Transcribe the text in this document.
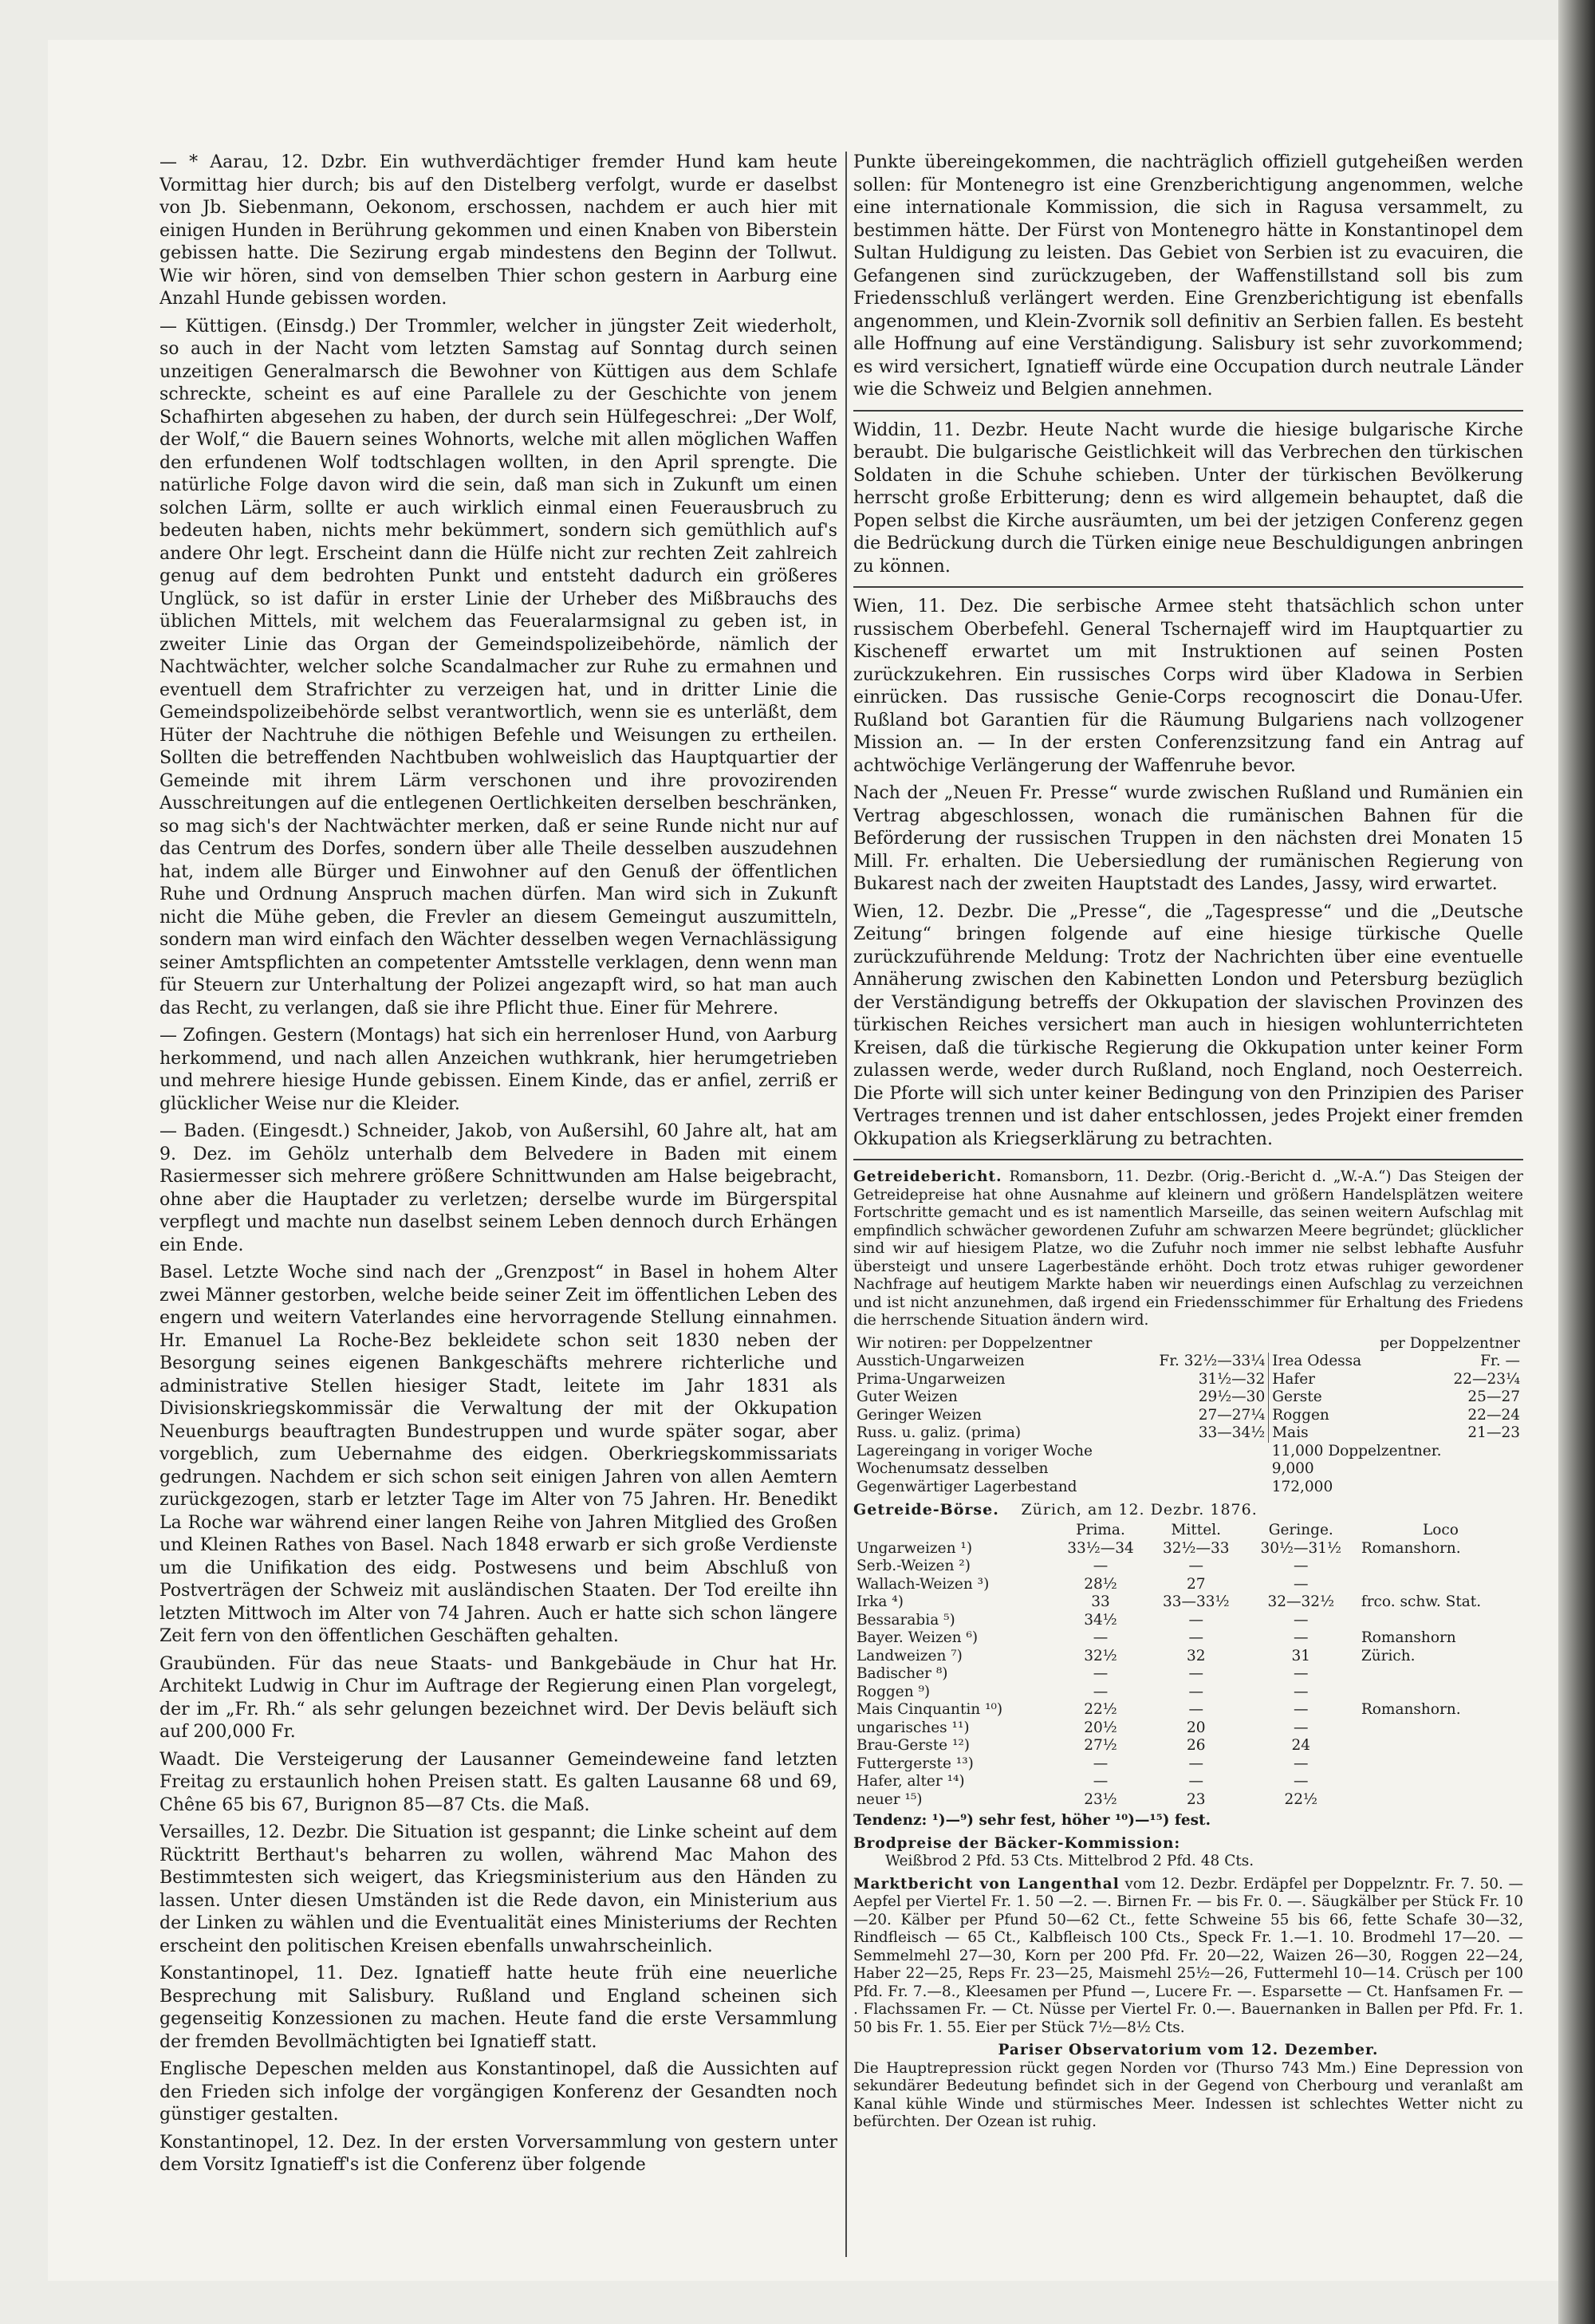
— * Aarau, 12. Dzbr. Ein wuthverdächtiger fremder Hund kam heute Vormittag hier durch; bis auf den Distelberg verfolgt, wurde er daselbst von Jb. Siebenmann, Oekonom, erschossen, nachdem er auch hier mit einigen Hunden in Berührung gekommen und einen Knaben von Biberstein gebissen hatte. Die Sezirung ergab mindestens den Beginn der Tollwut. Wie wir hören, sind von demselben Thier schon gestern in Aarburg eine Anzahl Hunde gebissen worden.

— Küttigen. (Einsdg.) Der Trommler, welcher in jüngster Zeit wiederholt, so auch in der Nacht vom letzten Samstag auf Sonntag durch seinen unzeitigen Generalmarsch die Bewohner von Küttigen aus dem Schlafe schreckte, scheint es auf eine Parallele zu der Geschichte von jenem Schafhirten abgesehen zu haben, der durch sein Hülfegeschrei: „Der Wolf, der Wolf,“ die Bauern seines Wohnorts, welche mit allen möglichen Waffen den erfundenen Wolf todtschlagen wollten, in den April sprengte. Die natürliche Folge davon wird die sein, daß man sich in Zukunft um einen solchen Lärm, sollte er auch wirklich einmal einen Feuerausbruch zu bedeuten haben, nichts mehr bekümmert, sondern sich gemüthlich auf's andere Ohr legt. Erscheint dann die Hülfe nicht zur rechten Zeit zahlreich genug auf dem bedrohten Punkt und entsteht dadurch ein größeres Unglück, so ist dafür in erster Linie der Urheber des Mißbrauchs des üblichen Mittels, mit welchem das Feueralarmsignal zu geben ist, in zweiter Linie das Organ der Gemeindspolizeibehörde, nämlich der Nachtwächter, welcher solche Scandalmacher zur Ruhe zu ermahnen und eventuell dem Strafrichter zu verzeigen hat, und in dritter Linie die Gemeindspolizeibehörde selbst verantwortlich, wenn sie es unterläßt, dem Hüter der Nachtruhe die nöthigen Befehle und Weisungen zu ertheilen. Sollten die betreffenden Nachtbuben wohlweislich das Hauptquartier der Gemeinde mit ihrem Lärm verschonen und ihre provozirenden Ausschreitungen auf die entlegenen Oertlichkeiten derselben beschränken, so mag sich's der Nachtwächter merken, daß er seine Runde nicht nur auf das Centrum des Dorfes, sondern über alle Theile desselben auszudehnen hat, indem alle Bürger und Einwohner auf den Genuß der öffentlichen Ruhe und Ordnung Anspruch machen dürfen. Man wird sich in Zukunft nicht die Mühe geben, die Frevler an diesem Gemeingut auszumitteln, sondern man wird einfach den Wächter desselben wegen Vernachlässigung seiner Amtspflichten an competenter Amtsstelle verklagen, denn wenn man für Steuern zur Unterhaltung der Polizei angezapft wird, so hat man auch das Recht, zu verlangen, daß sie ihre Pflicht thue. Einer für Mehrere.

— Zofingen. Gestern (Montags) hat sich ein herrenloser Hund, von Aarburg herkommend, und nach allen Anzeichen wuthkrank, hier herumgetrieben und mehrere hiesige Hunde gebissen. Einem Kinde, das er anfiel, zerriß er glücklicher Weise nur die Kleider.

— Baden. (Eingesdt.) Schneider, Jakob, von Außersihl, 60 Jahre alt, hat am 9. Dez. im Gehölz unterhalb dem Belvedere in Baden mit einem Rasiermesser sich mehrere größere Schnittwunden am Halse beigebracht, ohne aber die Hauptader zu verletzen; derselbe wurde im Bürgerspital verpflegt und machte nun daselbst seinem Leben dennoch durch Erhängen ein Ende.

Basel. Letzte Woche sind nach der „Grenzpost“ in Basel in hohem Alter zwei Männer gestorben, welche beide seiner Zeit im öffentlichen Leben des engern und weitern Vaterlandes eine hervorragende Stellung einnahmen. Hr. Emanuel La Roche-Bez bekleidete schon seit 1830 neben der Besorgung seines eigenen Bankgeschäfts mehrere richterliche und administrative Stellen hiesiger Stadt, leitete im Jahr 1831 als Divisionskriegskommissär die Verwaltung der mit der Okkupation Neuenburgs beauftragten Bundestruppen und wurde später sogar, aber vorgeblich, zum Uebernahme des eidgen. Oberkriegskommissariats gedrungen. Nachdem er sich schon seit einigen Jahren von allen Aemtern zurückgezogen, starb er letzter Tage im Alter von 75 Jahren. Hr. Benedikt La Roche war während einer langen Reihe von Jahren Mitglied des Großen und Kleinen Rathes von Basel. Nach 1848 erwarb er sich große Verdienste um die Unifikation des eidg. Postwesens und beim Abschluß von Postverträgen der Schweiz mit ausländischen Staaten. Der Tod ereilte ihn letzten Mittwoch im Alter von 74 Jahren. Auch er hatte sich schon längere Zeit fern von den öffentlichen Geschäften gehalten.

Graubünden. Für das neue Staats- und Bankgebäude in Chur hat Hr. Architekt Ludwig in Chur im Auftrage der Regierung einen Plan vorgelegt, der im „Fr. Rh.“ als sehr gelungen bezeichnet wird. Der Devis beläuft sich auf 200,000 Fr.

Waadt. Die Versteigerung der Lausanner Gemeindeweine fand letzten Freitag zu erstaunlich hohen Preisen statt. Es galten Lausanne 68 und 69, Chêne 65 bis 67, Burignon 85—87 Cts. die Maß.

Versailles, 12. Dezbr. Die Situation ist gespannt; die Linke scheint auf dem Rücktritt Berthaut's beharren zu wollen, während Mac Mahon des Bestimmtesten sich weigert, das Kriegsministerium aus den Händen zu lassen. Unter diesen Umständen ist die Rede davon, ein Ministerium aus der Linken zu wählen und die Eventualität eines Ministeriums der Rechten erscheint den politischen Kreisen ebenfalls unwahrscheinlich.

Konstantinopel, 11. Dez. Ignatieff hatte heute früh eine neuerliche Besprechung mit Salisbury. Rußland und England scheinen sich gegenseitig Konzessionen zu machen. Heute fand die erste Versammlung der fremden Bevollmächtigten bei Ignatieff statt.

Englische Depeschen melden aus Konstantinopel, daß die Aussichten auf den Frieden sich infolge der vorgängigen Konferenz der Gesandten noch günstiger gestalten.

Konstantinopel, 12. Dez. In der ersten Vorversammlung von gestern unter dem Vorsitz Ignatieff's ist die Conferenz über folgende

Punkte übereingekommen, die nachträglich offiziell gutgeheißen werden sollen: für Montenegro ist eine Grenzberichtigung angenommen, welche eine internationale Kommission, die sich in Ragusa versammelt, zu bestimmen hätte. Der Fürst von Montenegro hätte in Konstantinopel dem Sultan Huldigung zu leisten. Das Gebiet von Serbien ist zu evacuiren, die Gefangenen sind zurückzugeben, der Waffenstillstand soll bis zum Friedensschluß verlängert werden. Eine Grenzberichtigung ist ebenfalls angenommen, und Klein-Zvornik soll definitiv an Serbien fallen. Es besteht alle Hoffnung auf eine Verständigung. Salisbury ist sehr zuvorkommend; es wird versichert, Ignatieff würde eine Occupation durch neutrale Länder wie die Schweiz und Belgien annehmen.

Widdin, 11. Dezbr. Heute Nacht wurde die hiesige bulgarische Kirche beraubt. Die bulgarische Geistlichkeit will das Verbrechen den türkischen Soldaten in die Schuhe schieben. Unter der türkischen Bevölkerung herrscht große Erbitterung; denn es wird allgemein behauptet, daß die Popen selbst die Kirche ausräumten, um bei der jetzigen Conferenz gegen die Bedrückung durch die Türken einige neue Beschuldigungen anbringen zu können.

Wien, 11. Dez. Die serbische Armee steht thatsächlich schon unter russischem Oberbefehl. General Tschernajeff wird im Hauptquartier zu Kischeneff erwartet um mit Instruktionen auf seinen Posten zurückzukehren. Ein russisches Corps wird über Kladowa in Serbien einrücken. Das russische Genie-Corps recognoscirt die Donau-Ufer. Rußland bot Garantien für die Räumung Bulgariens nach vollzogener Mission an. — In der ersten Conferenzsitzung fand ein Antrag auf achtwöchige Verlängerung der Waffenruhe bevor.

Nach der „Neuen Fr. Presse“ wurde zwischen Rußland und Rumänien ein Vertrag abgeschlossen, wonach die rumänischen Bahnen für die Beförderung der russischen Truppen in den nächsten drei Monaten 15 Mill. Fr. erhalten. Die Uebersiedlung der rumänischen Regierung von Bukarest nach der zweiten Hauptstadt des Landes, Jassy, wird erwartet.

Wien, 12. Dezbr. Die „Presse“, die „Tagespresse“ und die „Deutsche Zeitung“ bringen folgende auf eine hiesige türkische Quelle zurückzuführende Meldung: Trotz der Nachrichten über eine eventuelle Annäherung zwischen den Kabinetten London und Petersburg bezüglich der Verständigung betreffs der Okkupation der slavischen Provinzen des türkischen Reiches versichert man auch in hiesigen wohlunterrichteten Kreisen, daß die türkische Regierung die Okkupation unter keiner Form zulassen werde, weder durch Rußland, noch England, noch Oesterreich. Die Pforte will sich unter keiner Bedingung von den Prinzipien des Pariser Vertrages trennen und ist daher entschlossen, jedes Projekt einer fremden Okkupation als Kriegserklärung zu betrachten.

Getreidebericht. Romansborn, 11. Dezbr. (Orig.-Bericht d. „W.-A.“) Das Steigen der Getreidepreise hat ohne Ausnahme auf kleinern und größern Handelsplätzen weitere Fortschritte gemacht und es ist namentlich Marseille, das seinen weitern Aufschlag mit empfindlich schwächer gewordenen Zufuhr am schwarzen Meere begründet; glücklicher sind wir auf hiesigem Platze, wo die Zufuhr noch immer nie selbst lebhafte Ausfuhr übersteigt und unsere Lagerbestände erhöht. Doch trotz etwas ruhiger gewordener Nachfrage auf heutigem Markte haben wir neuerdings einen Aufschlag zu verzeichnen und ist nicht anzunehmen, daß irgend ein Friedensschimmer für Erhaltung des Friedens die herrschende Situation ändern wird.

Wir notiren: per Doppelzentner		per Doppelzentner	
Ausstich-Ungarweizen	Fr. 32½—33¼	Irea Odessa	Fr. —
Prima-Ungarweizen	31½—32	Hafer	22—23¼
Guter Weizen	29½—30	Gerste	25—27
Geringer Weizen	27—27¼	Roggen	22—24
Russ. u. galiz. (prima)	33—34½	Mais	21—23
Lagereingang in voriger Woche		11,000 Doppelzentner.	
Wochenumsatz desselben		9,000	
Gegenwärtiger Lagerbestand		172,000	
Getreide-Börse. Zürich, am 12. Dezbr. 1876.
	Prima.	Mittel.	Geringe.	Loco
Ungarweizen ¹)	33½—34	32½—33	30½—31½	Romanshorn.
Serb.-Weizen ²)	—	—	—	
Wallach-Weizen ³)	28½	27	—	
Irka ⁴)	33	33—33½	32—32½	frco. schw. Stat.
Bessarabia ⁵)	34½	—	—	
Bayer. Weizen ⁶)	—	—	—	Romanshorn
Landweizen ⁷)	32½	32	31	Zürich.
Badischer ⁸)	—	—	—	
Roggen ⁹)	—	—	—	
Mais Cinquantin ¹⁰)	22½	—	—	Romanshorn.
ungarisches ¹¹)	20½	20	—	
Brau-Gerste ¹²)	27½	26	24	
Futtergerste ¹³)	—	—	—	
Hafer, alter ¹⁴)	—	—	—	
neuer ¹⁵)	23½	23	22½	

Tendenz: ¹)—⁹) sehr fest, höher ¹⁰)—¹⁵) fest.

Brodpreise der Bäcker-Kommission:
Weißbrod 2 Pfd. 53 Cts. Mittelbrod 2 Pfd. 48 Cts.

Marktbericht von Langenthal vom 12. Dezbr. Erdäpfel per Doppelzntr. Fr. 7. 50. — Aepfel per Viertel Fr. 1. 50 —2. —. Birnen Fr. — bis Fr. 0. —. Säugkälber per Stück Fr. 10—20. Kälber per Pfund 50—62 Ct., fette Schweine 55 bis 66, fette Schafe 30—32, Rindfleisch — 65 Ct., Kalbfleisch 100 Cts., Speck Fr. 1.—1. 10. Brodmehl 17—20. — Semmelmehl 27—30, Korn per 200 Pfd. Fr. 20—22, Waizen 26—30, Roggen 22—24, Haber 22—25, Reps Fr. 23—25, Maismehl 25½—26, Futtermehl 10—14. Crüsch per 100 Pfd. Fr. 7.—8., Kleesamen per Pfund —, Lucere Fr. —. Esparsette — Ct. Hanfsamen Fr. — . Flachssamen Fr. — Ct. Nüsse per Viertel Fr. 0.—. Bauernanken in Ballen per Pfd. Fr. 1. 50 bis Fr. 1. 55. Eier per Stück 7½—8½ Cts.

Pariser Observatorium vom 12. Dezember.
Die Hauptrepression rückt gegen Norden vor (Thurso 743 Mm.) Eine Depression von sekundärer Bedeutung befindet sich in der Gegend von Cherbourg und veranlaßt am Kanal kühle Winde und stürmisches Meer. Indessen ist schlechtes Wetter nicht zu befürchten. Der Ozean ist ruhig.
